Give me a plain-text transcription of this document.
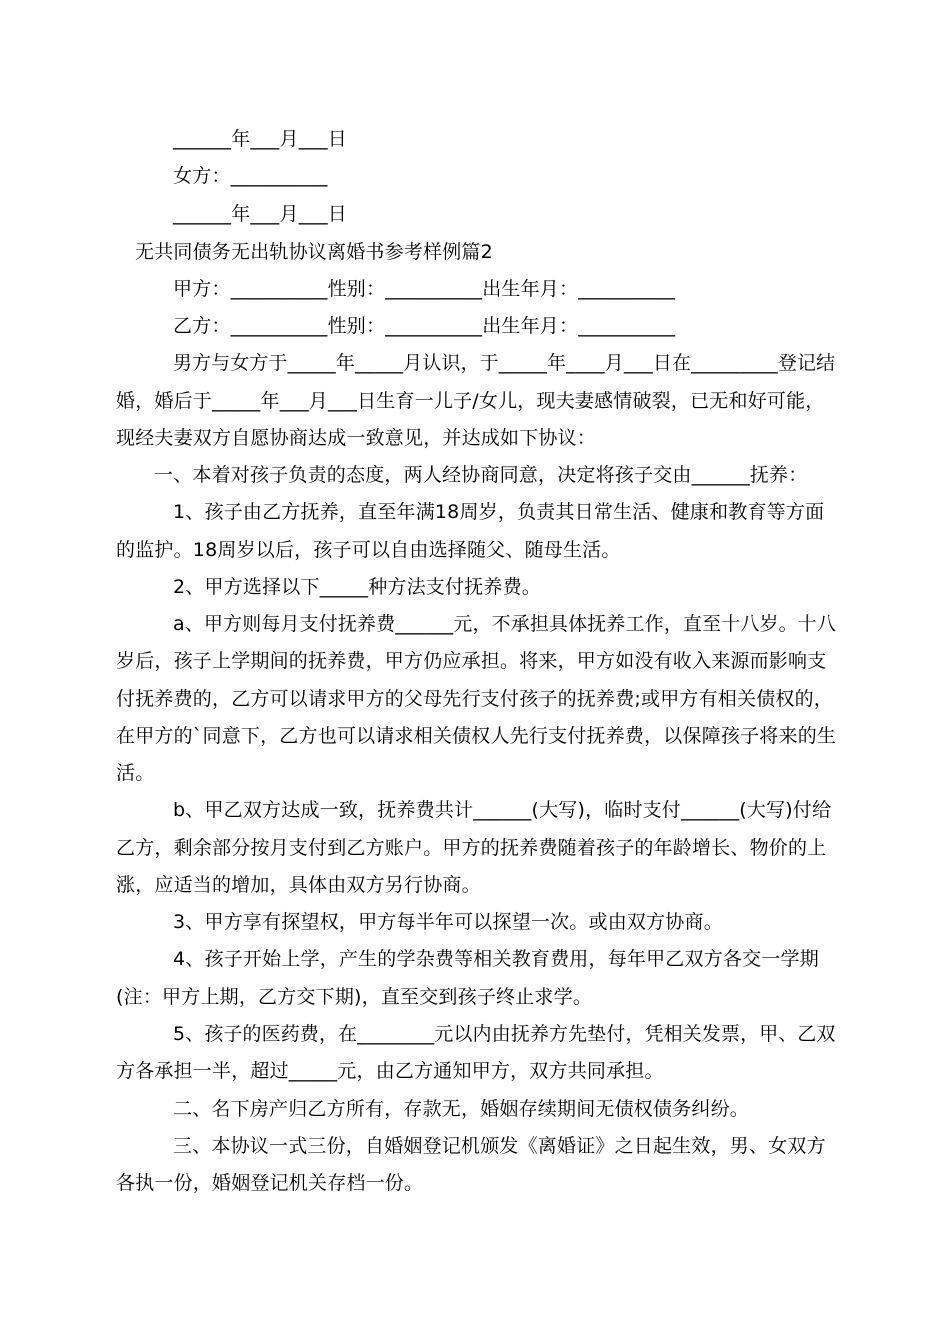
______年___月___日
女方：__________
______年___月___日
无共同债务无出轨协议离婚书参考样例篇2
甲方：__________性别：__________出生年月：__________
乙方：__________性别：__________出生年月：__________
男方与女方于_____年_____月认识，于_____年____月___日在_________登记结
婚，婚后于_____年___月___日生育一儿子/女儿，现夫妻感情破裂，已无和好可能，
现经夫妻双方自愿协商达成一致意见，并达成如下协议：
一、本着对孩子负责的态度，两人经协商同意，决定将孩子交由______抚养：
1、孩子由乙方抚养，直至年满18周岁，负责其日常生活、健康和教育等方面
的监护。18周岁以后，孩子可以自由选择随父、随母生活。
2、甲方选择以下_____种方法支付抚养费。
a、甲方则每月支付抚养费______元，不承担具体抚养工作，直至十八岁。十八
岁后，孩子上学期间的抚养费，甲方仍应承担。将来，甲方如没有收入来源而影响支
付抚养费的，乙方可以请求甲方的父母先行支付孩子的抚养费;或甲方有相关债权的，
在甲方的`同意下，乙方也可以请求相关债权人先行支付抚养费，以保障孩子将来的生
活。
b、甲乙双方达成一致，抚养费共计______(大写)，临时支付______(大写)付给
乙方，剩余部分按月支付到乙方账户。甲方的抚养费随着孩子的年龄增长、物价的上
涨，应适当的增加，具体由双方另行协商。
3、甲方享有探望权，甲方每半年可以探望一次。或由双方协商。
4、孩子开始上学，产生的学杂费等相关教育费用，每年甲乙双方各交一学期
(注：甲方上期，乙方交下期)，直至交到孩子终止求学。
5、孩子的医药费，在________元以内由抚养方先垫付，凭相关发票，甲、乙双
方各承担一半，超过_____元，由乙方通知甲方，双方共同承担。
二、名下房产归乙方所有，存款无，婚姻存续期间无债权债务纠纷。
三、本协议一式三份，自婚姻登记机颁发《离婚证》之日起生效，男、女双方
各执一份，婚姻登记机关存档一份。
